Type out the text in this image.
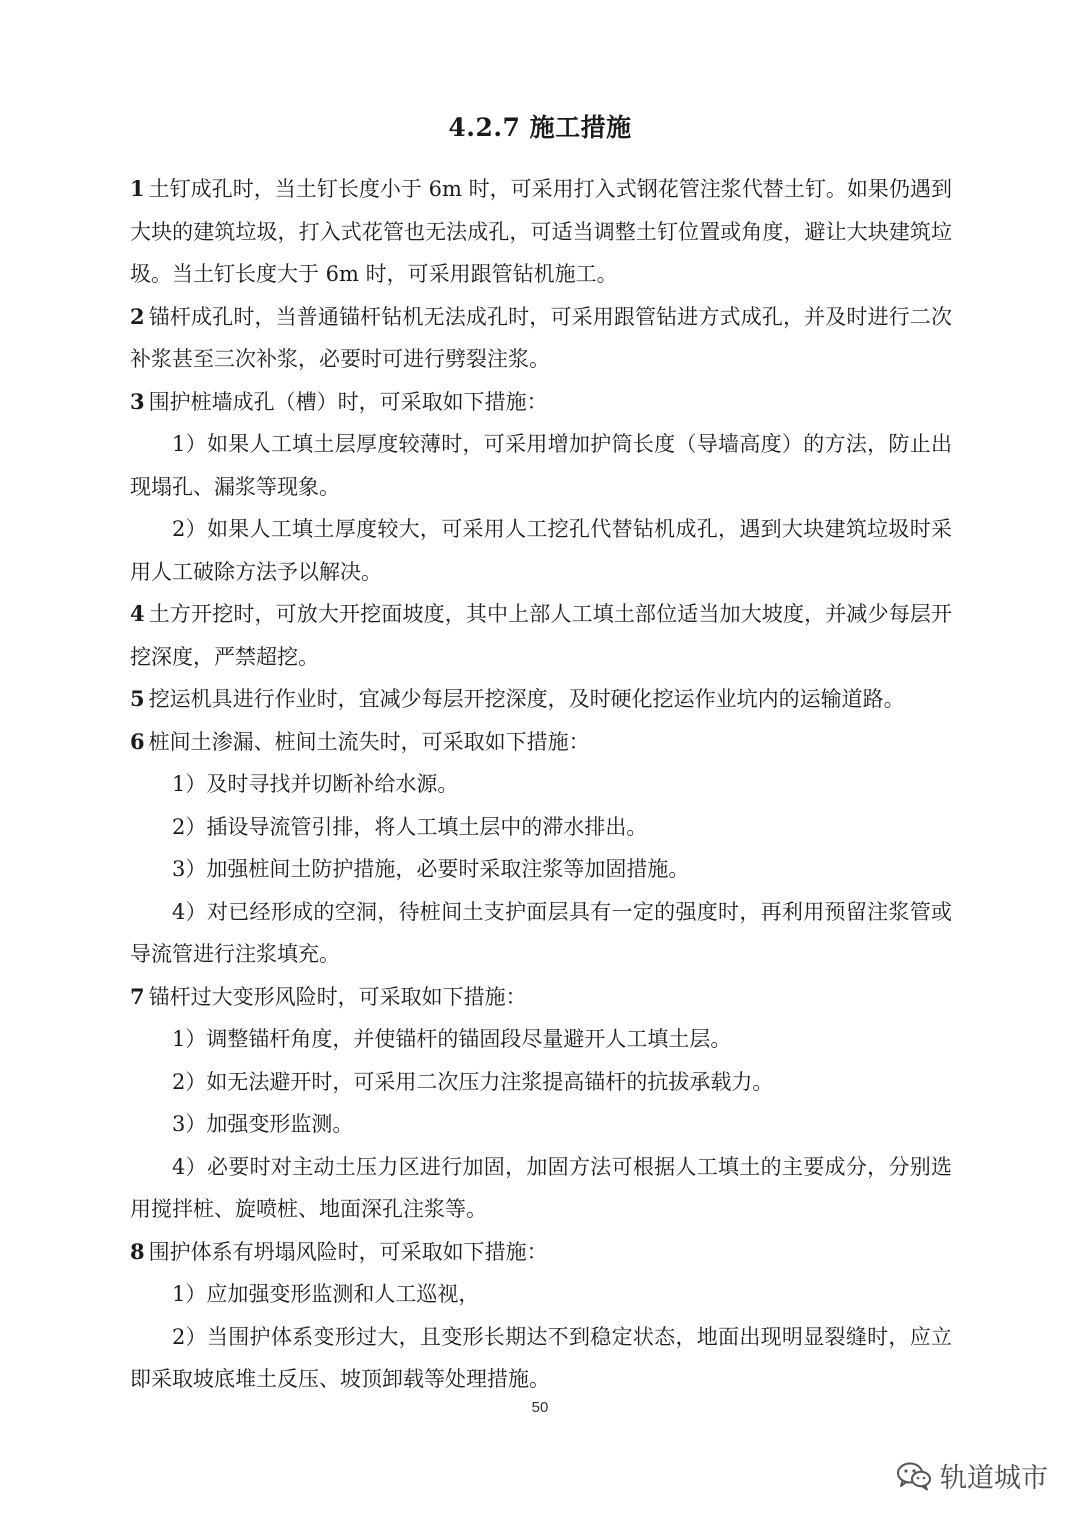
4.2.7 施工措施

1 土钉成孔时，当土钉长度小于 6m 时，可采用打入式钢花管注浆代替土钉。如果仍遇到大块的建筑垃圾，打入式花管也无法成孔，可适当调整土钉位置或角度，避让大块建筑垃圾。当土钉长度大于 6m 时，可采用跟管钻机施工。

2 锚杆成孔时，当普通锚杆钻机无法成孔时，可采用跟管钻进方式成孔，并及时进行二次补浆甚至三次补浆，必要时可进行劈裂注浆。

3 围护桩墙成孔（槽）时，可采取如下措施：

1）如果人工填土层厚度较薄时，可采用增加护筒长度（导墙高度）的方法，防止出现塌孔、漏浆等现象。

2）如果人工填土厚度较大，可采用人工挖孔代替钻机成孔，遇到大块建筑垃圾时采用人工破除方法予以解决。

4 土方开挖时，可放大开挖面坡度，其中上部人工填土部位适当加大坡度，并减少每层开挖深度，严禁超挖。

5 挖运机具进行作业时，宜减少每层开挖深度，及时硬化挖运作业坑内的运输道路。

6 桩间土渗漏、桩间土流失时，可采取如下措施：

1）及时寻找并切断补给水源。

2）插设导流管引排，将人工填土层中的滞水排出。

3）加强桩间土防护措施，必要时采取注浆等加固措施。

4）对已经形成的空洞，待桩间土支护面层具有一定的强度时，再利用预留注浆管或导流管进行注浆填充。

7 锚杆过大变形风险时，可采取如下措施：

1）调整锚杆角度，并使锚杆的锚固段尽量避开人工填土层。

2）如无法避开时，可采用二次压力注浆提高锚杆的抗拔承载力。

3）加强变形监测。

4）必要时对主动土压力区进行加固，加固方法可根据人工填土的主要成分，分别选用搅拌桩、旋喷桩、地面深孔注浆等。

8 围护体系有坍塌风险时，可采取如下措施：

1）应加强变形监测和人工巡视，

2）当围护体系变形过大，且变形长期达不到稳定状态，地面出现明显裂缝时，应立即采取坡底堆土反压、坡顶卸载等处理措施。

50
轨道城市
